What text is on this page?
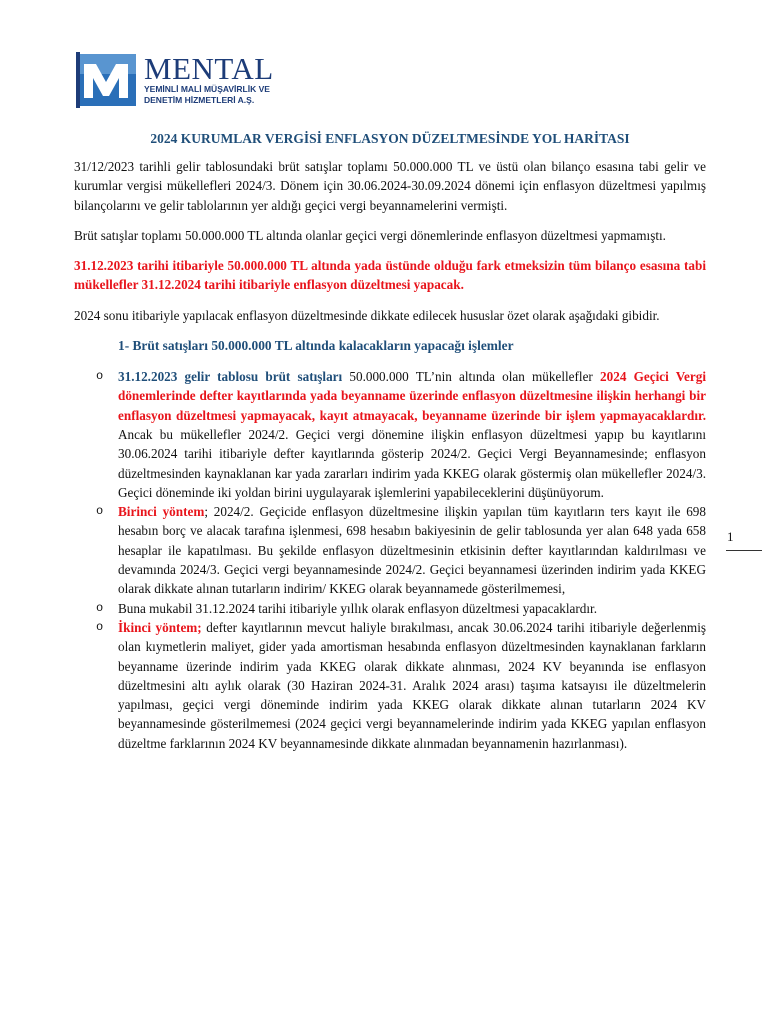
MENTAL
YEMİNLİ MALİ MÜŞAVİRLİK VE
DENETİM HİZMETLERİ A.Ş.
2024 KURUMLAR VERGİSİ ENFLASYON DÜZELTMESİNDE YOL HARİTASI

31/12/2023 tarihli gelir tablosundaki brüt satışlar toplamı 50.000.000 TL ve üstü olan bilanço esasına tabi gelir ve kurumlar vergisi mükellefleri 2024/3. Dönem için 30.06.2024-30.09.2024 dönemi için enflasyon düzeltmesi yapılmış bilançolarını ve gelir tablolarının yer aldığı geçici vergi beyannamelerini vermişti.

Brüt satışlar toplamı 50.000.000 TL altında olanlar geçici vergi dönemlerinde enflasyon düzeltmesi yapmamıştı.

31.12.2023 tarihi itibariyle 50.000.000 TL altında yada üstünde olduğu fark etmeksizin tüm bilanço esasına tabi mükellefler 31.12.2024 tarihi itibariyle enflasyon düzeltmesi yapacak.

2024 sonu itibariyle yapılacak enflasyon düzeltmesinde dikkate edilecek hususlar özet olarak aşağıdaki gibidir.

1- Brüt satışları 50.000.000 TL altında kalacakların yapacağı işlemler
o 31.12.2023 gelir tablosu brüt satışları 50.000.000 TL’nin altında olan mükellefler 2024 Geçici Vergi dönemlerinde defter kayıtlarında yada beyanname üzerinde enflasyon düzeltmesine ilişkin herhangi bir enflasyon düzeltmesi yapmayacak, kayıt atmayacak, beyanname üzerinde bir işlem yapmayacaklardır. Ancak bu mükellefler 2024/2. Geçici vergi dönemine ilişkin enflasyon düzeltmesi yapıp bu kayıtlarını 30.06.2024 tarihi itibariyle defter kayıtlarında gösterip 2024/2. Geçici Vergi Beyannamesinde; enflasyon düzeltmesinden kaynaklanan kar yada zararları indirim yada KKEG olarak göstermiş olan mükellefler 2024/3. Geçici döneminde iki yoldan birini uygulayarak işlemlerini yapabileceklerini düşünüyorum.
o Birinci yöntem; 2024/2. Geçicide enflasyon düzeltmesine ilişkin yapılan tüm kayıtların ters kayıt ile 698 hesabın borç ve alacak tarafına işlenmesi, 698 hesabın bakiyesinin de gelir tablosunda yer alan 648 yada 658 hesaplar ile kapatılması. Bu şekilde enflasyon düzeltmesinin etkisinin defter kayıtlarından kaldırılması ve devamında 2024/3. Geçici vergi beyannamesinde 2024/2. Geçici beyannamesi üzerinden indirim yada KKEG olarak dikkate alınan tutarların indirim/ KKEG olarak beyannamede gösterilmemesi,
o Buna mukabil 31.12.2024 tarihi itibariyle yıllık olarak enflasyon düzeltmesi yapacaklardır.
o İkinci yöntem; defter kayıtlarının mevcut haliyle bırakılması, ancak 30.06.2024 tarihi itibariyle değerlenmiş olan kıymetlerin maliyet, gider yada amortisman hesabında enflasyon düzeltmesinden kaynaklanan farkların beyanname üzerinde indirim yada KKEG olarak dikkate alınması, 2024 KV beyanında ise enflasyon düzeltmesini altı aylık olarak (30 Haziran 2024-31. Aralık 2024 arası) taşıma katsayısı ile düzeltmelerin yapılması, geçici vergi döneminde indirim yada KKEG olarak dikkate alınan tutarların 2024 KV beyannamesinde gösterilmemesi (2024 geçici vergi beyannamelerinde indirim yada KKEG yapılan enflasyon düzeltme farklarının 2024 KV beyannamesinde dikkate alınmadan beyannamenin hazırlanması).
1
